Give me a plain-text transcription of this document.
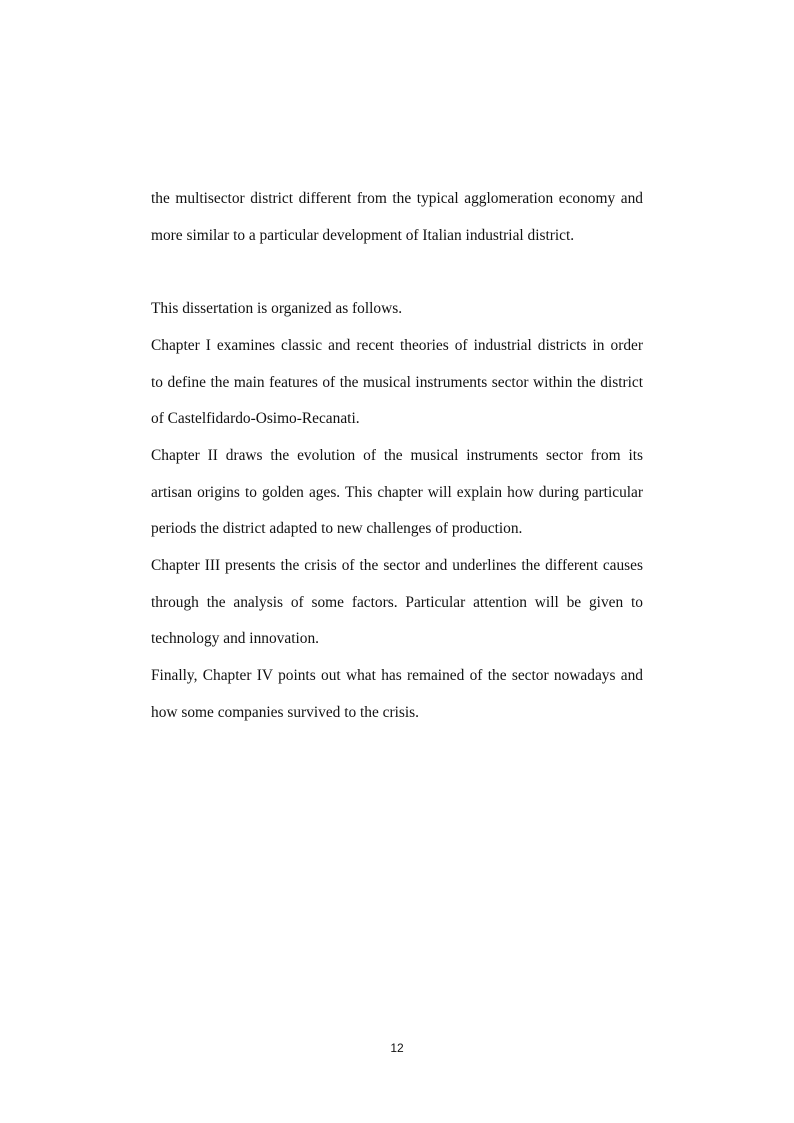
the multisector district different from the typical agglomeration economy and
more similar to a particular development of Italian industrial district.
This dissertation is organized as follows.
Chapter I examines classic and recent theories of industrial districts in order
to define the main features of the musical instruments sector within the district
of Castelfidardo-Osimo-Recanati.
Chapter II draws the evolution of the musical instruments sector from its
artisan origins to golden ages. This chapter will explain how during particular
periods the district adapted to new challenges of production.
Chapter III presents the crisis of the sector and underlines the different causes
through the analysis of some factors. Particular attention will be given to
technology and innovation.
Finally, Chapter IV points out what has remained of the sector nowadays and
how some companies survived to the crisis.
12
